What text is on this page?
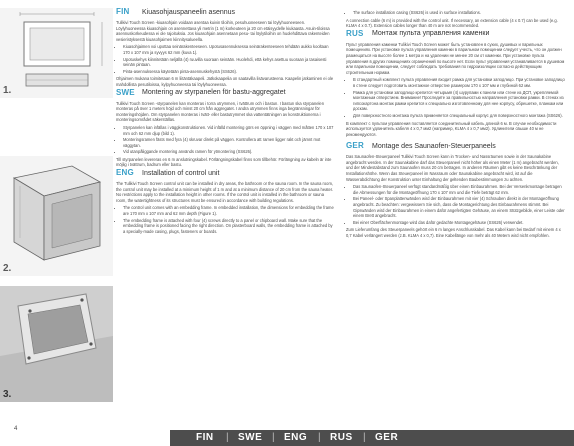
1.
2.
3.
FIN Kiuasohjauspaneelin asennus

Tulikivi Touch Screen -kiuasohjain voidaan asentaa kuivin tiloihin, pesuhuoneeseen tai löylyhuoneeseen. Löylyhuoneessa kiuasohjain on asennettava yli metrin (1 m) korkeuteen ja 20 cm etäisyydelle kiukaasta. Asuin-tiloissa asennuskorkeudessa ei ole rajoituksia. Jos kiuasohjain asennetaan pesu- tai löylytiloihin on huolehdittava rakenteiden vesieristyksestä kiuasohjaimen kiinnitysalueella.

• Kiuasohjaimen voi upottaa seinärakenteeseen. Upotusasennuksessa seinärakenteeseen tehdään aukko kooltaan 170 x 107 mm ja syvyys 62 mm (kuva 1).
• Upotuskehys kiinnitetään neljällä (4) ruuvilla suoraan seinään. Huolehdi, että kehys asettuu suoraan ja tasaisesti seinän pintaan.
• Pinta-asennuksessa käytetään pinta-asennuskehystä (SS626).

Ohjaimen mukana toimitetaan 6 m liitäntäkaapeli. Jatkokaapelia on saatavilla lisävarusteena. Kaapelin jatkaminen ei ole mahdollista pesutiloissa, kylpyhuoneessa tai löylyhuoneessa.

SWE Montering av styrpanelen för bastu-aggregatet

Tulikivi Touch Screen -styrpanelen kan monteras i torra utrymmen, i tvättrum och i bastun. I bastun ska styrpanelen monteras på över 1 meters höjd och minst 20 cm från aggregatet. I andra utrymmen finns inga begränsningar för monteringshöjden. Om styrpanelen monteras i tvätt- eller bastutrymmet ska vattentätningen av konstruktionerna i monteringsområdet säkerställas.

• Styrpanelen kan infällas i väggkonstruktionen. Vid infälld montering görs en öppning i väggen med måtten 170 x 107 mm och 62 mm djup (bild 1).
• Monteringsramen fästs med fyra (4) skruvar direkt på väggen. Kontrollera att ramen ligger rakt och jämnt mot väggytan.
• Vid utanpåliggande montering används ramen för ytmontering (SS626).

Till styrpanelen levereras en 6 m anslutningskabel. Förlängningskabel finns som tillbehör. Förlängning av kabeln är inte möjlig i tvättrum, badrum eller bastu.

ENG Installation of control unit

The Tulikivi Touch Screen control unit can be installed in dry areas, the bathroom or the sauna room. In the sauna room, the control unit may be installed at a minimum height of 1 m and at a minimum distance of 20 cm from the sauna heater. No restrictions apply to the installation height in other rooms. If the control unit is installed in the bathroom or sauna room, the watertightness of its structures must be ensured in accordance with building regulations.

• The control unit comes with an embedding frame. In embedded installation, the dimensions for embedding the frame are 170 mm x 107 mm and 62 mm depth (Figure 1).
• The embedding frame is attached with four (4) screws directly to a panel or chipboard wall. Make sure that the embedding frame is positioned facing the right direction. On plasterboard walls, the embedding frame is attached by a specially-made casing, plugs, fasteners or boards.
• The surface installation casing (SS626) is used in surface installations.

A connection cable (6 m) is provided with the control unit. If necessary, an extension cable (4 x 0.7) can be used (e.g. KLMA 4 x 0.7). Extension cables longer than 40 m are not recommended.

RUS Монтаж пульта управления каменки

Пульт управления каменки Tulikivi Touch Screen может быть установлен в сухих, душевых и парильных помещениях. При установке пульта управления каменки в парильном помещении следует учесть, что он должен размещаться на высоте более 1 метра и на удалении не менее 20 см от каменки. При установке пульта управления в других помещениях ограничений по высоте нет. Если пульт управления устанавливается в душевом или парильном помещении, следует соблюдать требования по гидроизоляции согласно действующим строительным нормам.

• В стандартный комплект пульта управления входит рамка для установки заподлицо. При установке заподлицо в стене следует подготовить монтажное отверстие размером 170 x 107 мм и глубиной 62 мм.
• Рамка для установки заподлицо крепится четырьмя (4) шурупами к панели или стене из ДСП, укрепляемой монтажным отверстием. Внимание! Проследите за правильностью направления установки рамки. В стенах из гипсокартона монтаж рамки крепится к специально изготовленному для нее корпусу, обрешетке, планкам или доскам.
• Для поверхностного монтажа пульта применяется специальный корпус для поверхностного монтажа (SS626).

В комплект с пультом управления поставляется соединительный кабель длиной 6 м. В случае необходимости используется удлинитель кабеля 4 x 0,7 мм2 (например, KLMA 4 x 0,7 мм2). Удлинители свыше 40 м не рекомендуются.

GER Montage des Saunaofen-Steuerpaneels

Das Saunaofen-Steuerpaneel Tulikivi Touch Screen kann in Trocken- und Nassräumen sowie in der Saunakabine angebracht werden. In der Saunakabine darf das Steuerpaneel nicht höher als einen Meter (1 m) angebracht werden, und der Mindestabstand zum Saunaofen muss 20 cm betragen. In anderen Räumen gibt es keine Beschränkung der Installationshöhe. Wenn das Steuerpaneel im Nassraum oder Saunakabine angebracht wird, ist auf die Wasserabdichtung der Konstruktion unter Einhaltung der geltenden Baubestimmungen zu achten.

• Das Saunaofen-Steuerpaneel verfügt standardmäßig über einen Einbaurahmen. Bei der Versenkmontage betragen die Abmessungen für die Montageöffnung 170 x 107 mm und die Tiefe beträgt 62 mm.
• Bei Paneel- oder Spanplattenwänden wird der Einbaurahmen mit vier (4) Schrauben direkt in der Montageöffnung angebracht. Zu beachten: vergewissern Sie sich, dass die Montagerichtung des Einbaurahmens stimmt. Bei Gipswänden wird der Einbaurahmen in einem dafür angefertigten Gehäuse, an einem Stützgebilde, einer Leiste oder einem Brett angebracht.
• Bei einer Oberflächenmontage wird das dafür gedachte Montagegehäuse (SS626) verwendet.

Zum Lieferumfang des Steuerpaneels gehört ein 6 m langes Anschlusskabel. Das Kabel kann bei Bedarf mit einem 4 x 0,7 Kabel verlängert werden (z.B. KLMA 4 x 0,7). Eine Kabellänge von mehr als 40 Metern wird nicht empfohlen.

4
FIN | SWE | ENG | RUS | GER
